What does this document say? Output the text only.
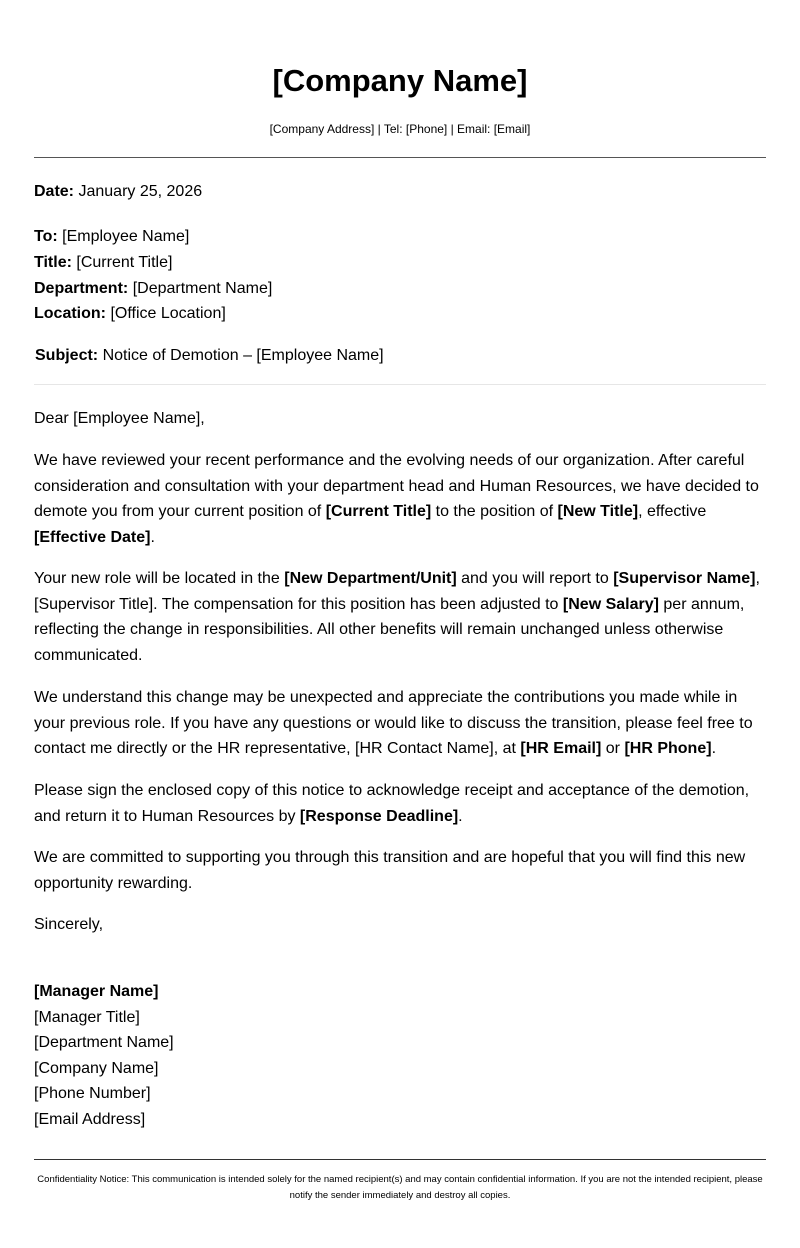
[Company Name]
[Company Address] | Tel: [Phone] | Email: [Email]
Date: January 25, 2026
To: [Employee Name]
Title: [Current Title]
Department: [Department Name]
Location: [Office Location]
Subject: Notice of Demotion – [Employee Name]
Dear [Employee Name],

We have reviewed your recent performance and the evolving needs of our organization. After careful consideration and consultation with your department head and Human Resources, we have decided to demote you from your current position of [Current Title] to the position of [New Title], effective [Effective Date].

Your new role will be located in the [New Department/Unit] and you will report to [Supervisor Name], [Supervisor Title]. The compensation for this position has been adjusted to [New Salary] per annum, reflecting the change in responsibilities. All other benefits will remain unchanged unless otherwise communicated.

We understand this change may be unexpected and appreciate the contributions you made while in your previous role. If you have any questions or would like to discuss the transition, please feel free to contact me directly or the HR representative, [HR Contact Name], at [HR Email] or [HR Phone].

Please sign the enclosed copy of this notice to acknowledge receipt and acceptance of the demotion, and return it to Human Resources by [Response Deadline].

We are committed to supporting you through this transition and are hopeful that you will find this new opportunity rewarding.

Sincerely,
[Manager Name]
[Manager Title]
[Department Name]
[Company Name]
[Phone Number]
[Email Address]
Confidentiality Notice: This communication is intended solely for the named recipient(s) and may contain confidential information. If you are not the intended recipient, please notify the sender immediately and destroy all copies.
